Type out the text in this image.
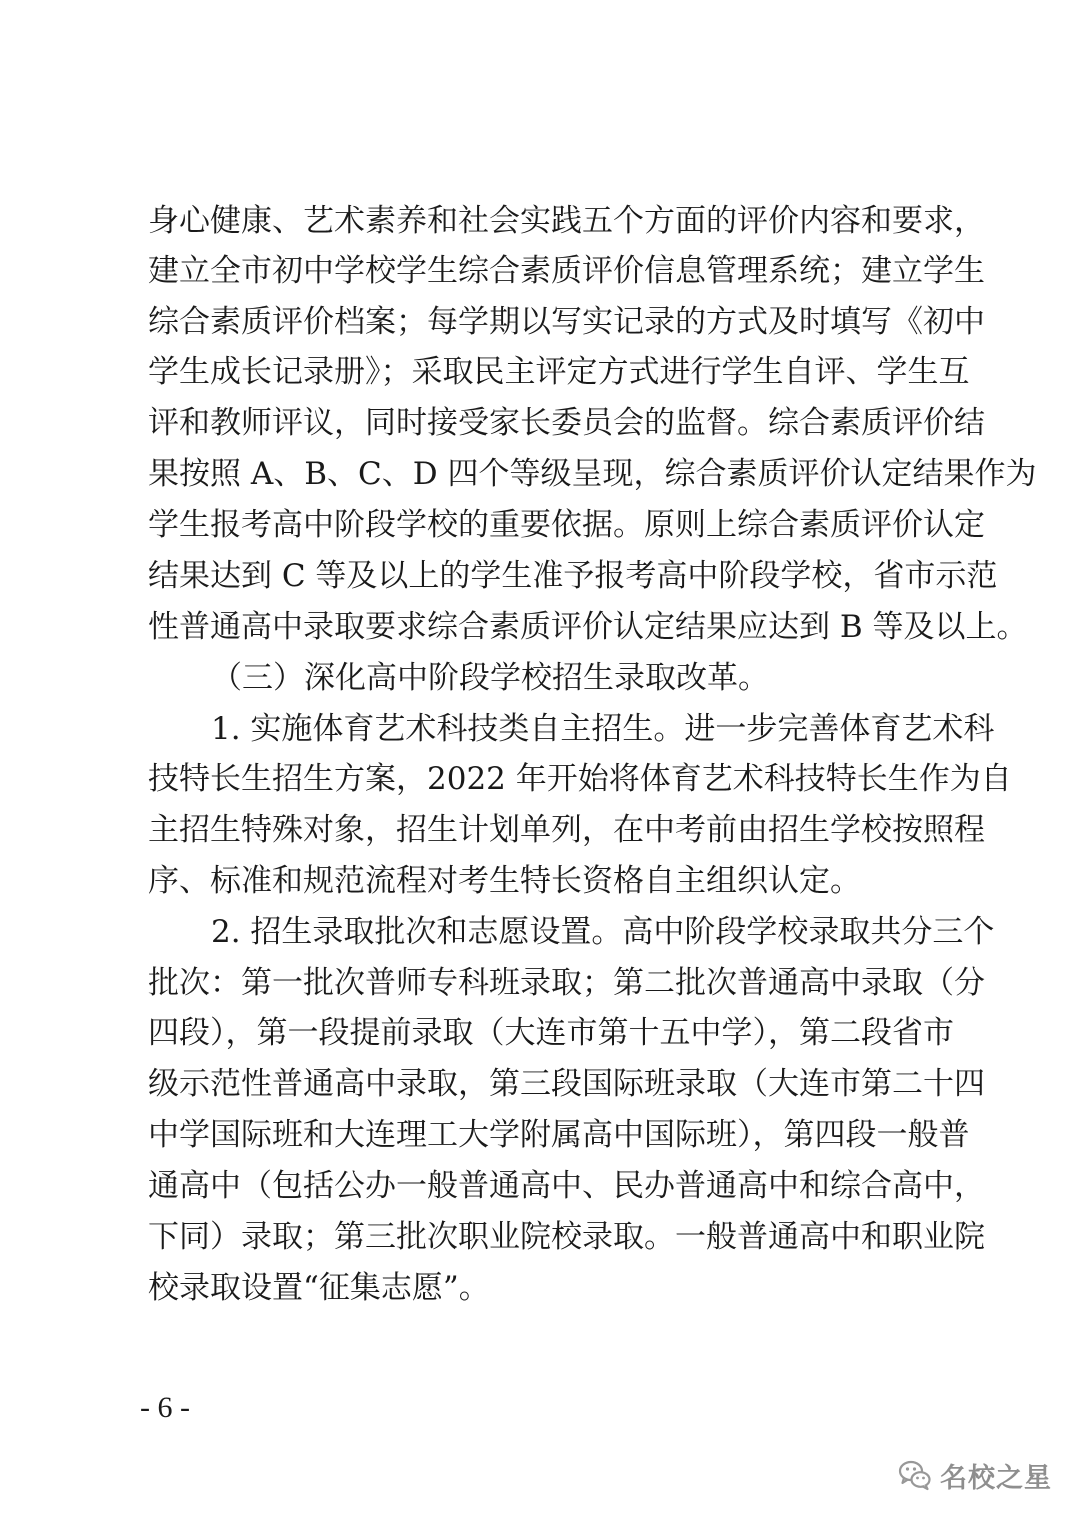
身心健康、艺术素养和社会实践五个方面的评价内容和要求，
建立全市初中学校学生综合素质评价信息管理系统；建立学生
综合素质评价档案；每学期以写实记录的方式及时填写《初中
学生成长记录册》；采取民主评定方式进行学生自评、学生互
评和教师评议，同时接受家长委员会的监督。综合素质评价结
果按照 A、B、C、D 四个等级呈现，综合素质评价认定结果作为
学生报考高中阶段学校的重要依据。原则上综合素质评价认定
结果达到 C 等及以上的学生准予报考高中阶段学校，省市示范
性普通高中录取要求综合素质评价认定结果应达到 B 等及以上。
（三）深化高中阶段学校招生录取改革。
1. 实施体育艺术科技类自主招生。进一步完善体育艺术科
技特长生招生方案，2022 年开始将体育艺术科技特长生作为自
主招生特殊对象，招生计划单列，在中考前由招生学校按照程
序、标准和规范流程对考生特长资格自主组织认定。
2. 招生录取批次和志愿设置。高中阶段学校录取共分三个
批次：第一批次普师专科班录取；第二批次普通高中录取（分
四段），第一段提前录取（大连市第十五中学），第二段省市
级示范性普通高中录取，第三段国际班录取（大连市第二十四
中学国际班和大连理工大学附属高中国际班），第四段一般普
通高中（包括公办一般普通高中、民办普通高中和综合高中，
下同）录取；第三批次职业院校录取。一般普通高中和职业院
校录取设置“征集志愿”。
- 6 -
名校之星
